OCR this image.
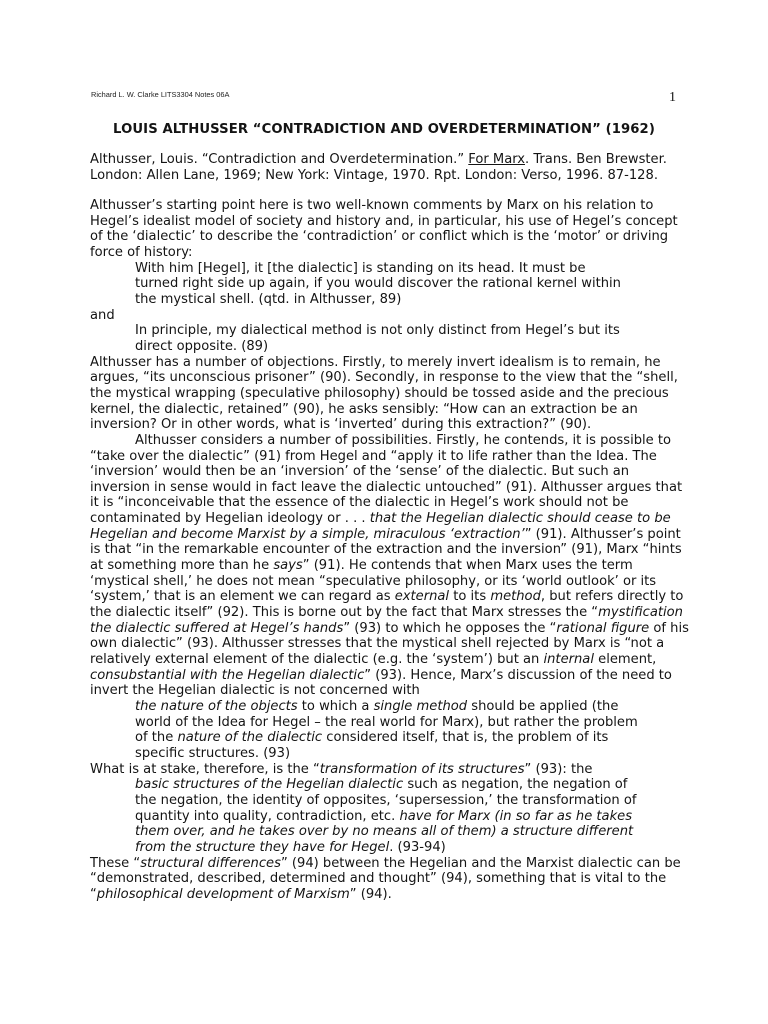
Richard L. W. Clarke LITS3304 Notes 06A	1
LOUIS ALTHUSSER “CONTRADICTION AND OVERDETERMINATION” (1962)
Althusser, Louis. “Contradiction and Overdetermination.” For Marx. Trans. Ben Brewster.
London: Allen Lane, 1969; New York: Vintage, 1970. Rpt. London: Verso, 1996. 87-128.
Althusser’s starting point here is two well-known comments by Marx on his relation to
Hegel’s idealist model of society and history and, in particular, his use of Hegel’s concept
of the ‘dialectic’ to describe the ‘contradiction’ or conflict which is the ‘motor’ or driving
force of history:
With him [Hegel], it [the dialectic] is standing on its head. It must be
turned right side up again, if you would discover the rational kernel within
the mystical shell. (qtd. in Althusser, 89)
and
In principle, my dialectical method is not only distinct from Hegel’s but its
direct opposite. (89)
Althusser has a number of objections. Firstly, to merely invert idealism is to remain, he
argues, “its unconscious prisoner” (90). Secondly, in response to the view that the “shell,
the mystical wrapping (speculative philosophy) should be tossed aside and the precious
kernel, the dialectic, retained” (90), he asks sensibly: “How can an extraction be an
inversion? Or in other words, what is ‘inverted’ during this extraction?” (90).
Althusser considers a number of possibilities. Firstly, he contends, it is possible to
“take over the dialectic” (91) from Hegel and “apply it to life rather than the Idea. The
‘inversion’ would then be an ‘inversion’ of the ‘sense’ of the dialectic. But such an
inversion in sense would in fact leave the dialectic untouched” (91). Althusser argues that
it is “inconceivable that the essence of the dialectic in Hegel’s work should not be
contaminated by Hegelian ideology or . . . that the Hegelian dialectic should cease to be
Hegelian and become Marxist by a simple, miraculous ‘extraction’” (91). Althusser’s point
is that “in the remarkable encounter of the extraction and the inversion” (91), Marx “hints
at something more than he says” (91). He contends that when Marx uses the term
‘mystical shell,’ he does not mean “speculative philosophy, or its ‘world outlook’ or its
‘system,’ that is an element we can regard as external to its method, but refers directly to
the dialectic itself” (92). This is borne out by the fact that Marx stresses the “mystification
the dialectic suffered at Hegel’s hands” (93) to which he opposes the “rational figure of his
own dialectic” (93). Althusser stresses that the mystical shell rejected by Marx is “not a
relatively external element of the dialectic (e.g. the ‘system’) but an internal element,
consubstantial with the Hegelian dialectic” (93). Hence, Marx’s discussion of the need to
invert the Hegelian dialectic is not concerned with
the nature of the objects to which a single method should be applied (the
world of the Idea for Hegel – the real world for Marx), but rather the problem
of the nature of the dialectic considered itself, that is, the problem of its
specific structures. (93)
What is at stake, therefore, is the “transformation of its structures” (93): the
basic structures of the Hegelian dialectic such as negation, the negation of
the negation, the identity of opposites, ‘supersession,’ the transformation of
quantity into quality, contradiction, etc. have for Marx (in so far as he takes
them over, and he takes over by no means all of them) a structure different
from the structure they have for Hegel. (93-94)
These “structural differences” (94) between the Hegelian and the Marxist dialectic can be
“demonstrated, described, determined and thought” (94), something that is vital to the
“philosophical development of Marxism” (94).
